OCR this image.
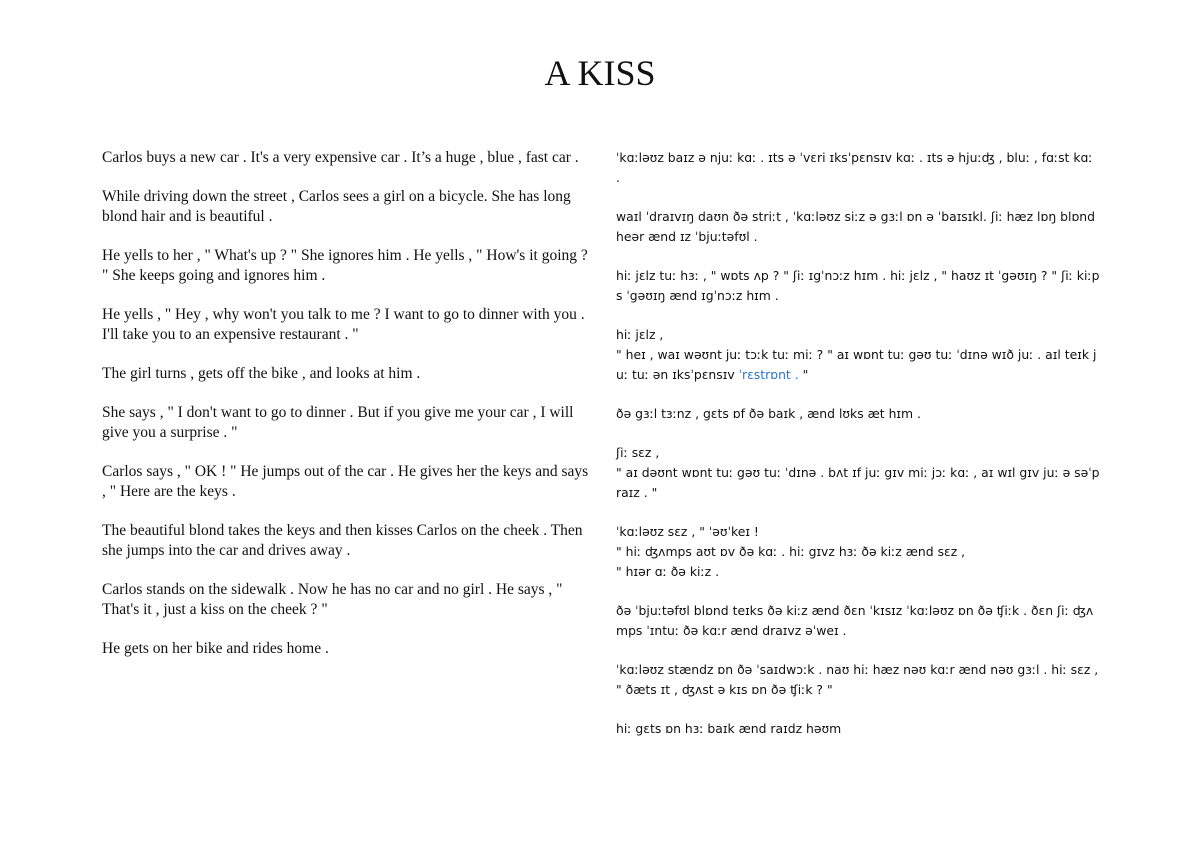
A KISS

Carlos buys a new car . It's a very expensive car . It’s a huge , blue , fast car .

While driving down the street , Carlos sees a girl on a bicycle. She has long blond hair and is beautiful .

He yells to her , " What's up ? " She ignores him . He yells , " How's it going ? " She keeps going and ignores him .

He yells , " Hey , why won't you talk to me ? I want to go to dinner with you . I'll take you to an expensive restaurant . "

The girl turns , gets off the bike , and looks at him .

She says , " I don't want to go to dinner . But if you give me your car , I will give you a surprise . "

Carlos says , " OK ! " He jumps out of the car . He gives her the keys and says , " Here are the keys .

The beautiful blond takes the keys and then kisses Carlos on the cheek . Then she jumps into the car and drives away .

Carlos stands on the sidewalk . Now he has no car and no girl . He says , " That's it , just a kiss on the cheek ? "

He gets on her bike and rides home .

ˈkɑːləʊz baɪz ə njuː kɑː . ɪts ə ˈvɛri ɪksˈpɛnsɪv kɑː . ɪts ə hjuːʤ , bluː , fɑːst kɑː .

waɪl ˈdraɪvɪŋ daʊn ðə striːt , ˈkɑːləʊz siːz ə gɜːl ɒn ə ˈbaɪsɪkl. ʃiː hæz lɒŋ blɒnd heər ænd ɪz ˈbjuːtəfʊl .

hiː jɛlz tuː hɜː , " wɒts ʌp ? " ʃiː ɪgˈnɔːz hɪm . hiː jɛlz , " haʊz ɪt ˈgəʊɪŋ ? " ʃiː kiːps ˈgəʊɪŋ ænd ɪgˈnɔːz hɪm .

hiː jɛlz ,
" heɪ , waɪ wəʊnt juː tɔːk tuː miː ? " aɪ wɒnt tuː gəʊ tuː ˈdɪnə wɪð juː . aɪl teɪk juː tuː ən ɪksˈpɛnsɪv ˈrɛstrɒnt . "

ðə gɜːl tɜːnz , gɛts ɒf ðə baɪk , ænd lʊks æt hɪm .

ʃiː sɛz ,
" aɪ dəʊnt wɒnt tuː gəʊ tuː ˈdɪnə . bʌt ɪf juː gɪv miː jɔː kɑː , aɪ wɪl gɪv juː ə səˈpraɪz . "

ˈkɑːləʊz sɛz , " ˈəʊˈkeɪ !
" hiː ʤʌmps aʊt ɒv ðə kɑː . hiː gɪvz hɜː ðə kiːz ænd sɛz ,
" hɪər ɑː ðə kiːz .

ðə ˈbjuːtəfʊl blɒnd teɪks ðə kiːz ænd ðɛn ˈkɪsɪz ˈkɑːləʊz ɒn ðə ʧiːk . ðɛn ʃiː ʤʌmps ˈɪntuː ðə kɑːr ænd draɪvz əˈweɪ .

ˈkɑːləʊz stændz ɒn ðə ˈsaɪdwɔːk . naʊ hiː hæz nəʊ kɑːr ænd nəʊ gɜːl . hiː sɛz , " ðæts ɪt , ʤʌst ə kɪs ɒn ðə ʧiːk ? "

hiː gɛts ɒn hɜː baɪk ænd raɪdz həʊm
